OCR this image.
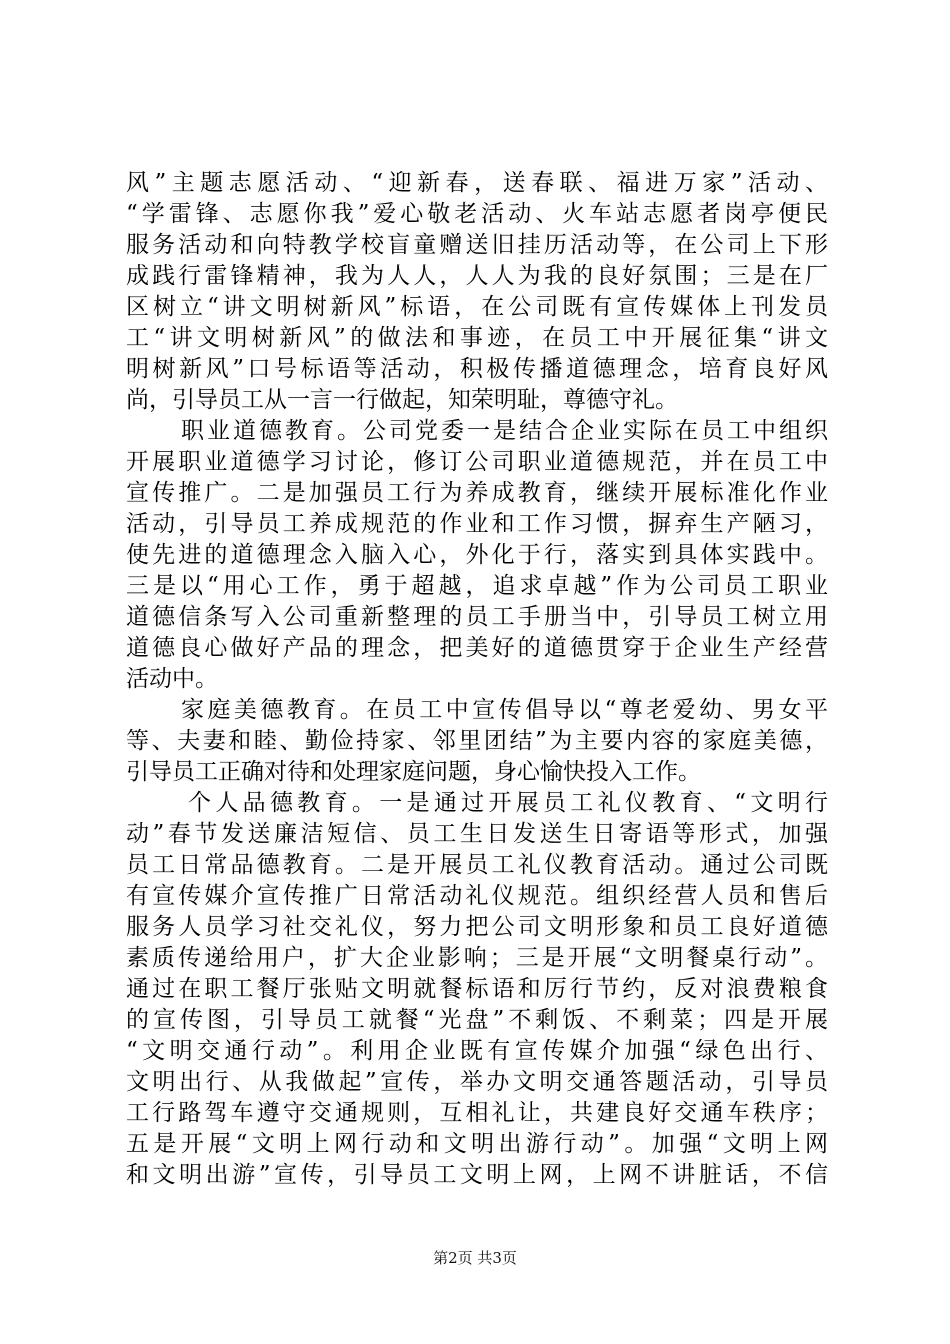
风”主题志愿活动、“迎新春，送春联、福进万家”活动、
“学雷锋、志愿你我”爱心敬老活动、火车站志愿者岗亭便民
服务活动和向特教学校盲童赠送旧挂历活动等，在公司上下形
成践行雷锋精神，我为人人，人人为我的良好氛围；三是在厂
区树立“讲文明树新风”标语，在公司既有宣传媒体上刊发员
工“讲文明树新风”的做法和事迹，在员工中开展征集“讲文
明树新风”口号标语等活动，积极传播道德理念，培育良好风
尚，引导员工从一言一行做起，知荣明耻，尊德守礼。
职业道德教育。公司党委一是结合企业实际在员工中组织
开展职业道德学习讨论，修订公司职业道德规范，并在员工中
宣传推广。二是加强员工行为养成教育，继续开展标准化作业
活动，引导员工养成规范的作业和工作习惯，摒弃生产陋习，
使先进的道德理念入脑入心，外化于行，落实到具体实践中。
三是以“用心工作，勇于超越，追求卓越”作为公司员工职业
道德信条写入公司重新整理的员工手册当中，引导员工树立用
道德良心做好产品的理念，把美好的道德贯穿于企业生产经营
活动中。
家庭美德教育。在员工中宣传倡导以“尊老爱幼、男女平
等、夫妻和睦、勤俭持家、邻里团结”为主要内容的家庭美德，
引导员工正确对待和处理家庭问题，身心愉快投入工作。
个人品德教育。一是通过开展员工礼仪教育、“文明行
动”春节发送廉洁短信、员工生日发送生日寄语等形式，加强
员工日常品德教育。二是开展员工礼仪教育活动。通过公司既
有宣传媒介宣传推广日常活动礼仪规范。组织经营人员和售后
服务人员学习社交礼仪，努力把公司文明形象和员工良好道德
素质传递给用户，扩大企业影响；三是开展“文明餐桌行动”。
通过在职工餐厅张贴文明就餐标语和厉行节约，反对浪费粮食
的宣传图，引导员工就餐“光盘”不剩饭、不剩菜；四是开展
“文明交通行动”。利用企业既有宣传媒介加强“绿色出行、
文明出行、从我做起”宣传，举办文明交通答题活动，引导员
工行路驾车遵守交通规则，互相礼让，共建良好交通车秩序；
五是开展“文明上网行动和文明出游行动”。加强“文明上网
和文明出游”宣传，引导员工文明上网，上网不讲脏话，不信
第2页 共3页
